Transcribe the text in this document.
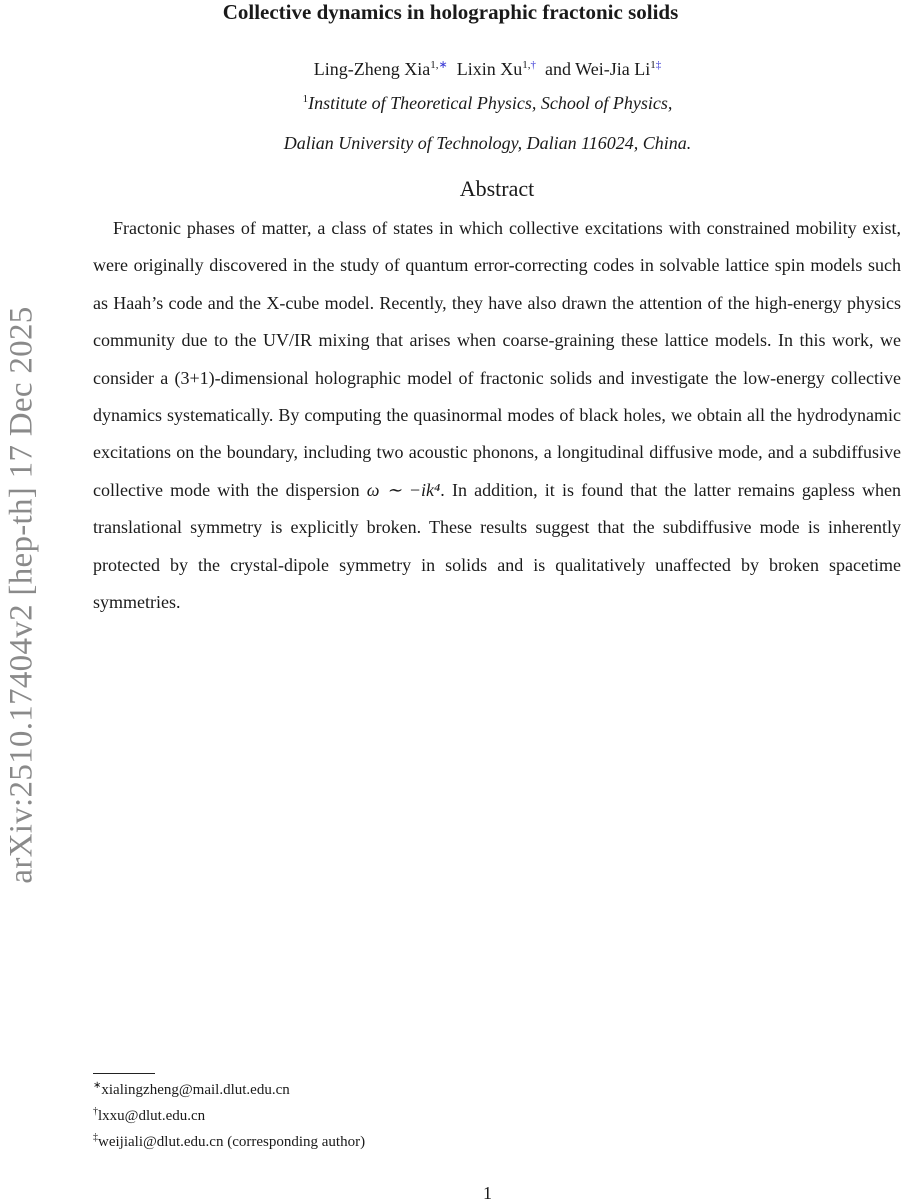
arXiv:2510.17404v2 [hep-th] 17 Dec 2025
Collective dynamics in holographic fractonic solids
Ling-Zheng Xia$^{1,∗}$ Lixin $Xu^{1,\dagger}$ and Wei-Jia $Li^{1\ddagger}$
$^1$Institute of Theoretical Physics, School of Physics,
Dalian University of Technology, Dalian 116024, China.
Abstract
Fractonic phases of matter, a class of states in which collective excitations with constrained mobility exist, were originally discovered in the study of quantum error-correcting codes in solvable lattice spin models such as Haah’s code and the X-cube model. Recently, they have also drawn the attention of the high-energy physics community due to the UV/IR mixing that arises when coarse-graining these lattice models. In this work, we consider a (3+1)-dimensional holographic model of fractonic solids and investigate the low-energy collective dynamics systematically. By computing the quasinormal modes of black holes, we obtain all the hydrodynamic excitations on the boundary, including two acoustic phonons, a longitudinal diffusive mode, and a subdiffusive collective mode with the dispersion ω ∼ −ik⁴. In addition, it is found that the latter remains gapless when translational symmetry is explicitly broken. These results suggest that the subdiffusive mode is inherently protected by the crystal-dipole symmetry in solids and is qualitatively unaffected by broken spacetime symmetries.
∗xialingzheng@mail.dlut.edu.cn
†lxxu@dlut.edu.cn
‡weijiali@dlut.edu.cn (corresponding author)
1
